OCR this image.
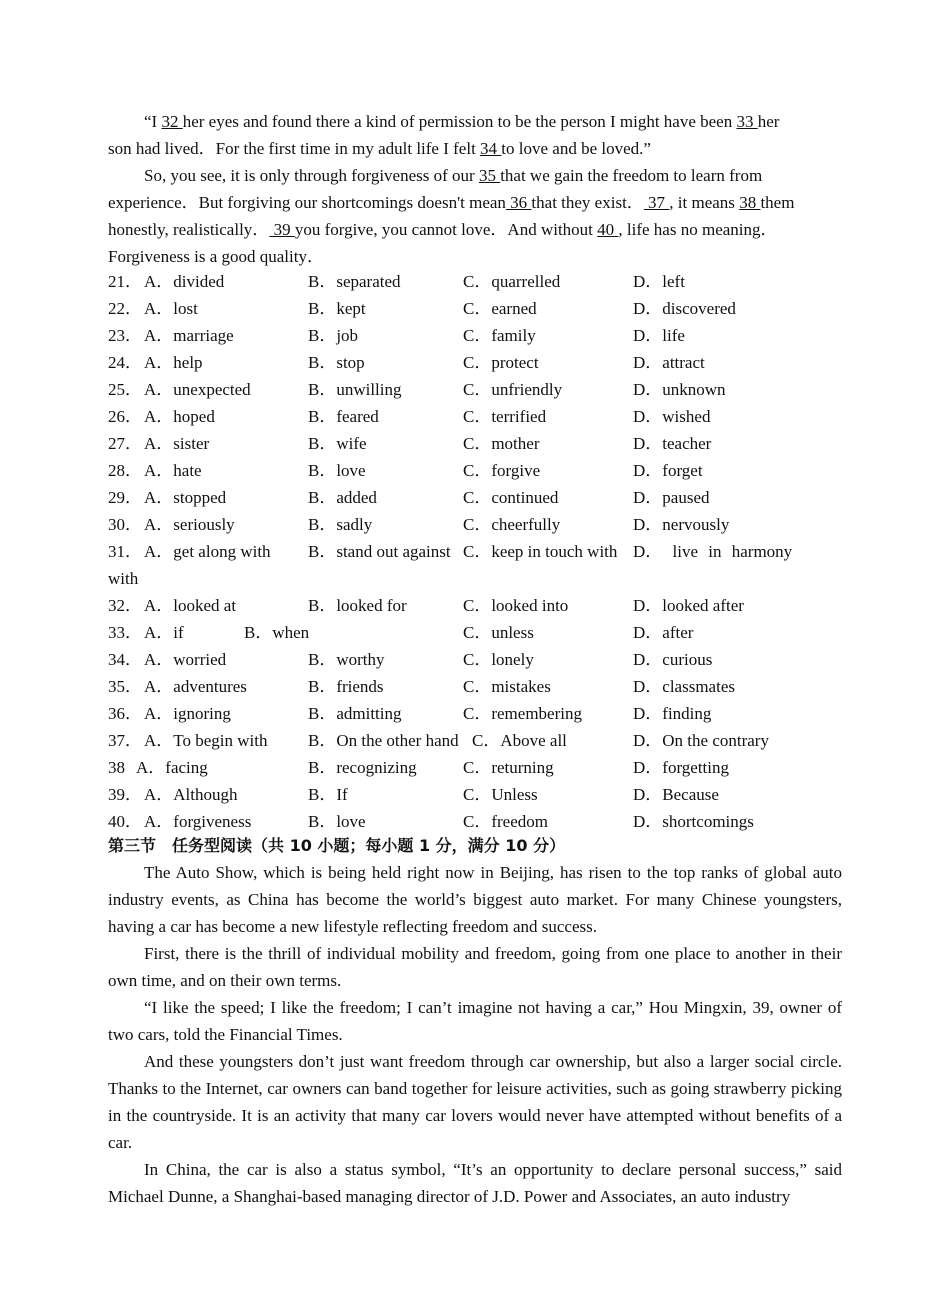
“I 32 her eyes and found there a kind of permission to be the person I might have been 33 her son had lived．For the first time in my adult life I felt 34 to love and be loved.”

So, you see, it is only through forgiveness of our 35 that we gain the freedom to learn from experience．But forgiving our shortcomings doesn't mean 36 that they exist． 37 , it means 38 them honestly, realistically． 39 you forgive, you cannot love．And without 40 , life has no meaning．Forgiveness is a good quality．

21． A．divided	B．separated	C．quarrelled	D．left
22． A．lost	B．kept	C．earned	D．discovered
23． A．marriage	B．job	C．family	D．life
24． A．help	B．stop	C．protect	D．attract
25． A．unexpected	B．unwilling	C．unfriendly	D．unknown
26． A．hoped	B．feared	C．terrified	D．wished
27． A．sister	B．wife	C．mother	D．teacher
28． A．hate	B．love	C．forgive	D．forget
29． A．stopped	B．added	C．continued	D．paused
30． A．seriously	B．sadly	C．cheerfully	D．nervously
31． A．get along with B．stand out against C．keep in touch with D． live in harmony
with
32． A．looked at	B．looked for	C．looked into	D．looked after
33． A．if	B．when	C．unless	D．after
34． A．worried	B．worthy	C．lonely	D．curious
35． A．adventures	B．friends	C．mistakes	D．classmates
36． A．ignoring	B．admitting	C．remembering	D．finding
37． A．To begin with B．On the other hand C．Above all	D．On the contrary
38 A．facing	B．recognizing	C．returning	D．forgetting
39． A．Although	B．If	C．Unless	D．Because
40． A．forgiveness	B．love	C．freedom	D．shortcomings
第三节　任务型阅读（共 10 小题；每小题 1 分，满分 10 分）

The Auto Show, which is being held right now in Beijing, has risen to the top ranks of global auto industry events, as China has become the world’s biggest auto market. For many Chinese youngsters, having a car has become a new lifestyle reflecting freedom and success.

First, there is the thrill of individual mobility and freedom, going from one place to another in their own time, and on their own terms.

“I like the speed; I like the freedom; I can’t imagine not having a car,” Hou Mingxin, 39, owner of two cars, told the Financial Times.

And these youngsters don’t just want freedom through car ownership, but also a larger social circle. Thanks to the Internet, car owners can band together for leisure activities, such as going strawberry picking in the countryside. It is an activity that many car lovers would never have attempted without benefits of a car.

In China, the car is also a status symbol, “It’s an opportunity to declare personal success,” said Michael Dunne, a Shanghai-based managing director of J.D. Power and Associates, an auto industry
